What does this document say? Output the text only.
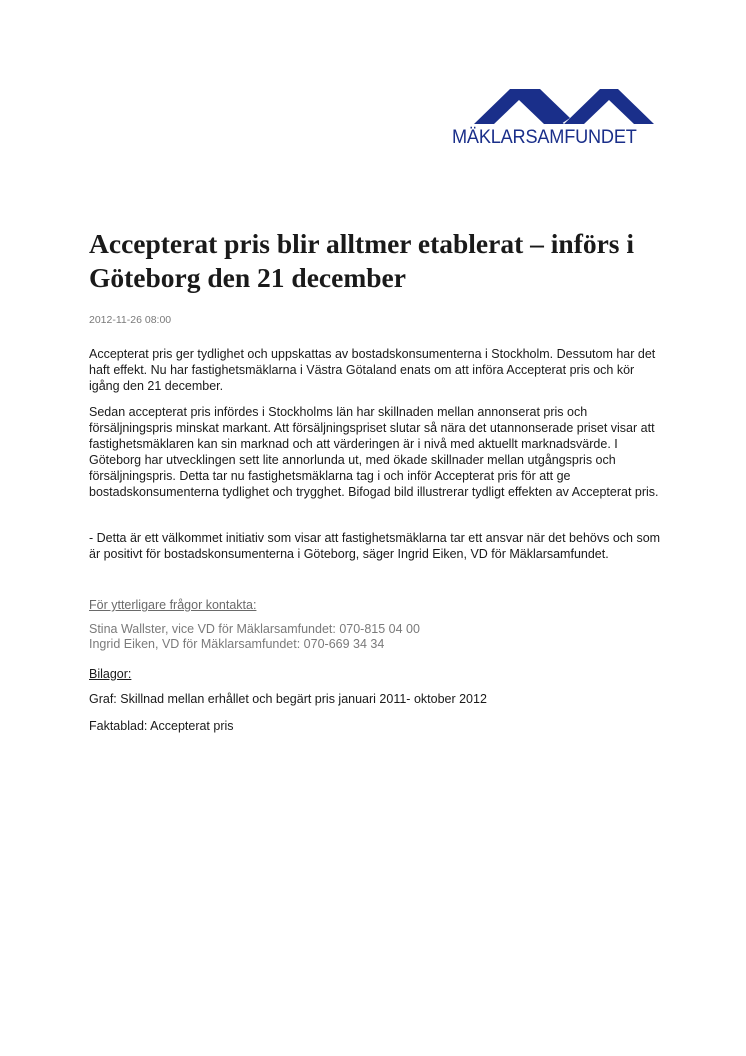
MÄKLARSAMFUNDET
Accepterat pris blir alltmer etablerat – införs i Göteborg den 21 december
2012-11-26 08:00

Accepterat pris ger tydlighet och uppskattas av bostadskonsumenterna i Stockholm. Dessutom har det haft effekt. Nu har fastighetsmäklarna i Västra Götaland enats om att införa Accepterat pris och kör igång den 21 december.

Sedan accepterat pris infördes i Stockholms län har skillnaden mellan annonserat pris och försäljningspris minskat markant. Att försäljningspriset slutar så nära det utannonserade priset visar att fastighetsmäklaren kan sin marknad och att värderingen är i nivå med aktuellt marknadsvärde. I Göteborg har utvecklingen sett lite annorlunda ut, med ökade skillnader mellan utgångspris och försäljningspris. Detta tar nu fastighetsmäklarna tag i och inför Accepterat pris för att ge bostadskonsumenterna tydlighet och trygghet. Bifogad bild illustrerar tydligt effekten av Accepterat pris.

- Detta är ett välkommet initiativ som visar att fastighetsmäklarna tar ett ansvar när det behövs och som är positivt för bostadskonsumenterna i Göteborg, säger Ingrid Eiken, VD för Mäklarsamfundet.

För ytterligare frågor kontakta:
Stina Wallster, vice VD för Mäklarsamfundet: 070-815 04 00
Ingrid Eiken, VD för Mäklarsamfundet: 070-669 34 34
Bilagor:
Graf: Skillnad mellan erhållet och begärt pris januari 2011- oktober 2012
Faktablad: Accepterat pris
